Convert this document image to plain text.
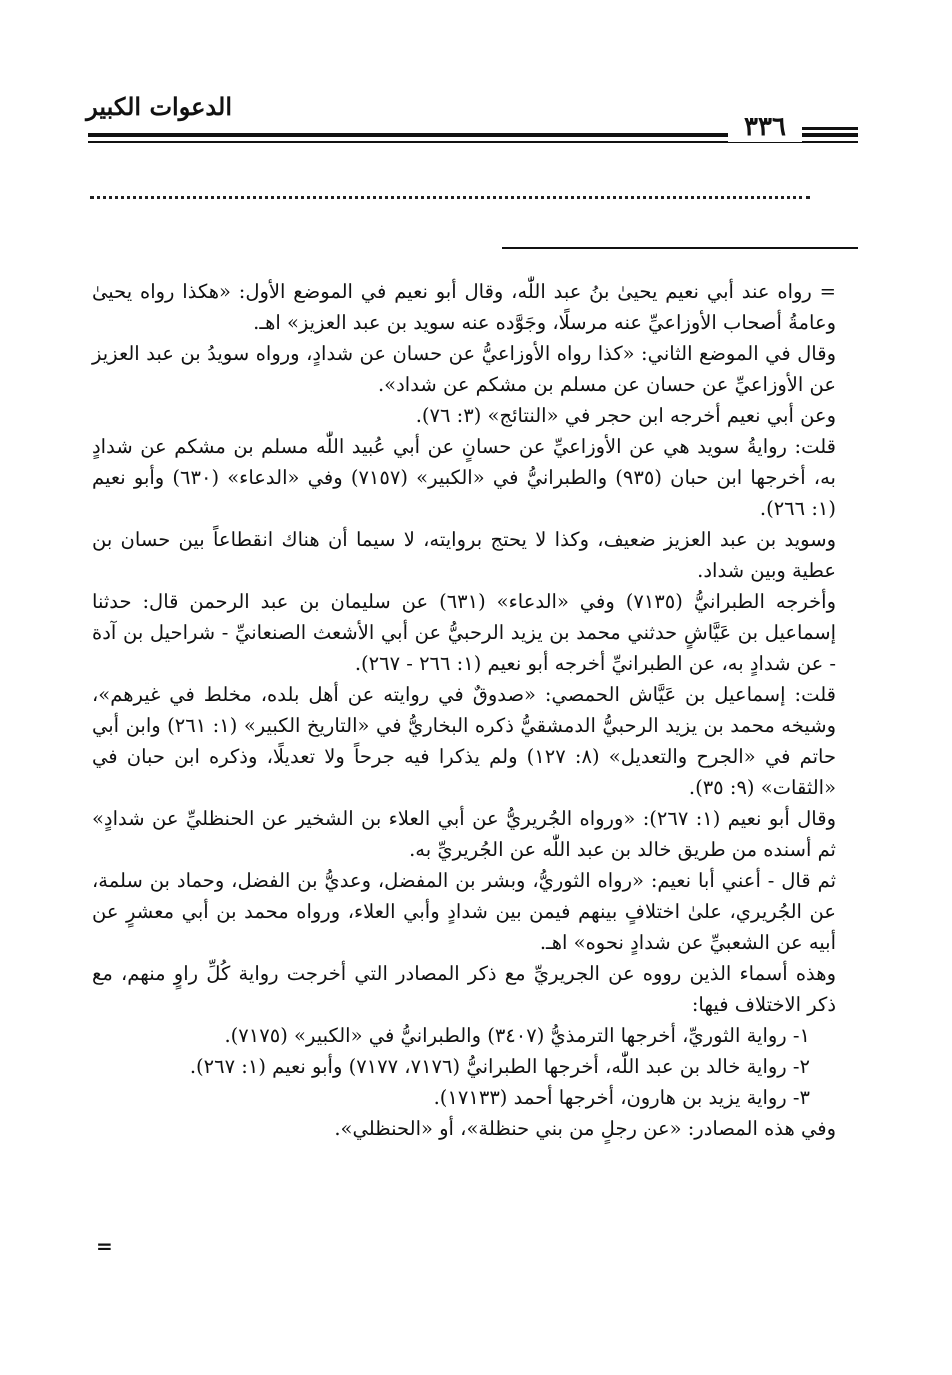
الدعوات الكبير
٣٣٦

= رواه عند أبي نعيم يحيىٰ بنُ عبد اللّٰه، وقال أبو نعيم في الموضع الأول: «هكذا رواه يحيىٰ وعامةُ أصحاب الأوزاعيِّ عنه مرسلًا، وجَوَّده عنه سويد بن عبد العزيز» اهـ.

وقال في الموضع الثاني: «كذا رواه الأوزاعيُّ عن حسان عن شدادٍ، ورواه سويدُ بن عبد العزيز عن الأوزاعيِّ عن حسان عن مسلم بن مشكم عن شداد».

وعن أبي نعيم أخرجه ابن حجر في «النتائج» (٣: ٧٦).

قلت: روايةُ سويد هي عن الأوزاعيِّ عن حسانٍ عن أبي عُبيد اللّٰه مسلم بن مشكم عن شدادٍ به، أخرجها ابن حبان (٩٣٥) والطبرانيُّ في «الكبير» (٧١٥٧) وفي «الدعاء» (٦٣٠) وأبو نعيم (١: ٢٦٦).

وسويد بن عبد العزيز ضعيف، وكذا لا يحتج بروايته، لا سيما أن هناك انقطاعاً بين حسان بن عطية وبين شداد.

وأخرجه الطبرانيُّ (٧١٣٥) وفي «الدعاء» (٦٣١) عن سليمان بن عبد الرحمن قال: حدثنا إسماعيل بن عَيَّاشٍ حدثني محمد بن يزيد الرحبيُّ عن أبي الأشعث الصنعانيِّ - شراحيل بن آدة - عن شدادٍ به، عن الطبرانيِّ أخرجه أبو نعيم (١: ٢٦٦ - ٢٦٧).

قلت: إسماعيل بن عَيَّاش الحمصي: «صدوقٌ في روايته عن أهل بلده، مخلط في غيرهم»، وشيخه محمد بن يزيد الرحبيُّ الدمشقيُّ ذكره البخاريُّ في «التاريخ الكبير» (١: ٢٦١) وابن أبي حاتم في «الجرح والتعديل» (٨: ١٢٧) ولم يذكرا فيه جرحاً ولا تعديلًا، وذكره ابن حبان في «الثقات» (٩: ٣٥).

وقال أبو نعيم (١: ٢٦٧): «ورواه الجُريريُّ عن أبي العلاء بن الشخير عن الحنظليِّ عن شدادٍ» ثم أسنده من طريق خالد بن عبد اللّٰه عن الجُريريِّ به.

ثم قال - أعني أبا نعيم: «رواه الثوريُّ، وبشر بن المفضل، وعديُّ بن الفضل، وحماد بن سلمة، عن الجُريري، علىٰ اختلافٍ بينهم فيمن بين شدادٍ وأبي العلاء، ورواه محمد بن أبي معشرٍ عن أبيه عن الشعبيِّ عن شدادٍ نحوه» اهـ.

وهذه أسماء الذين رووه عن الجريريِّ مع ذكر المصادر التي أخرجت رواية كُلِّ راوٍ منهم، مع ذكر الاختلاف فيها:

١- رواية الثوريِّ، أخرجها الترمذيُّ (٣٤٠٧) والطبرانيُّ في «الكبير» (٧١٧٥).

٢- رواية خالد بن عبد اللّٰه، أخرجها الطبرانيُّ (٧١٧٦، ٧١٧٧) وأبو نعيم (١: ٢٦٧).

٣- رواية يزيد بن هارون، أخرجها أحمد (١٧١٣٣).

وفي هذه المصادر: «عن رجلٍ من بني حنظلة»، أو «الحنظلي».

=
